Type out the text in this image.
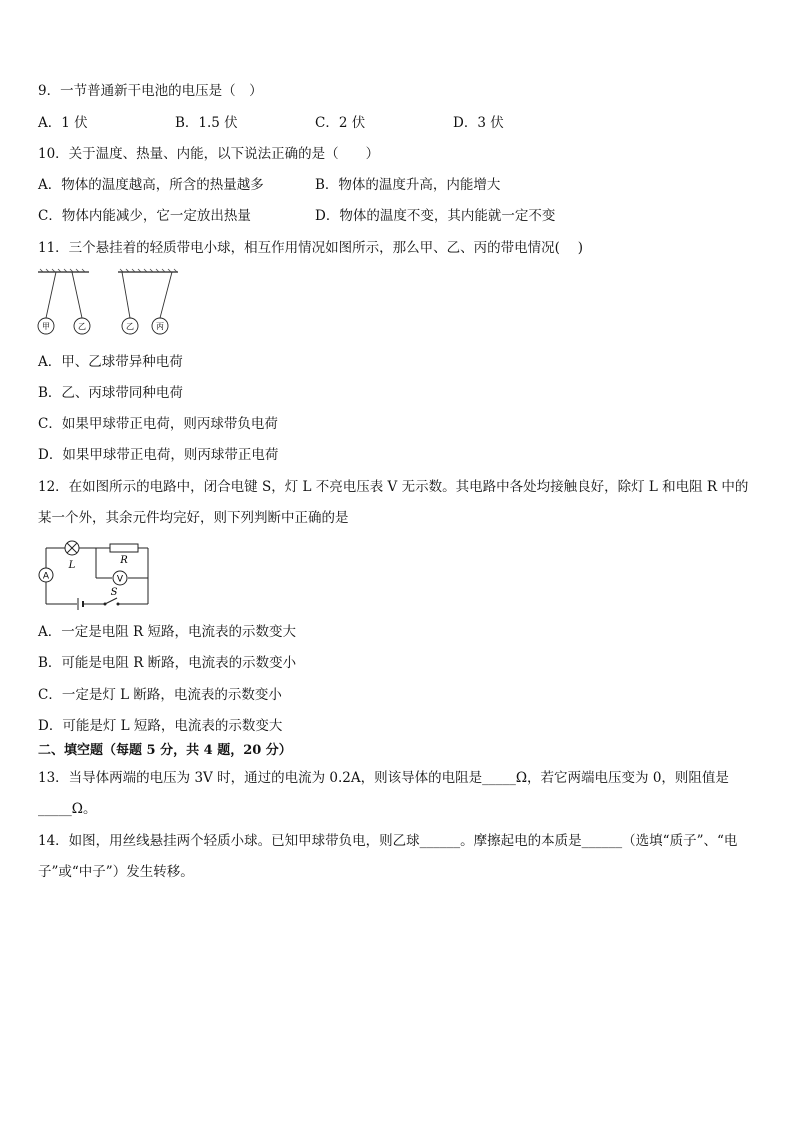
9．一节普通新干电池的电压是（　）
A．1 伏	B．1.5 伏	C．2 伏	D．3 伏
10．关于温度、热量、内能，以下说法正确的是（　　）
A．物体的温度越高，所含的热量越多	B．物体的温度升高，内能增大
C．物体内能减少，它一定放出热量	D．物体的温度不变，其内能就一定不变
11．三个悬挂着的轻质带电小球，相互作用情况如图所示，那么甲、乙、丙的带电情况(　 )
甲	乙	乙	丙
A．甲、乙球带异种电荷
B．乙、丙球带同种电荷
C．如果甲球带正电荷，则丙球带负电荷
D．如果甲球带正电荷，则丙球带正电荷
12．在如图所示的电路中，闭合电键 S，灯 L 不亮电压表 V 无示数。其电路中各处均接触良好，除灯 L 和电阻 R 中的
某一个外，其余元件均完好，则下列判断中正确的是
A
L	R
V
S
A．一定是电阻 R 短路，电流表的示数变大
B．可能是电阻 R 断路，电流表的示数变小
C．一定是灯 L 断路，电流表的示数变小
D．可能是灯 L 短路，电流表的示数变大
二、填空题（每题 5 分，共 4 题，20 分）
13．当导体两端的电压为 3V 时，通过的电流为 0.2A，则该导体的电阻是_____Ω，若它两端电压变为 0，则阻值是
_____Ω。
14．如图，用丝线悬挂两个轻质小球。已知甲球带负电，则乙球______。摩擦起电的本质是______（选填“质子”、“电
子”或“中子”）发生转移。
